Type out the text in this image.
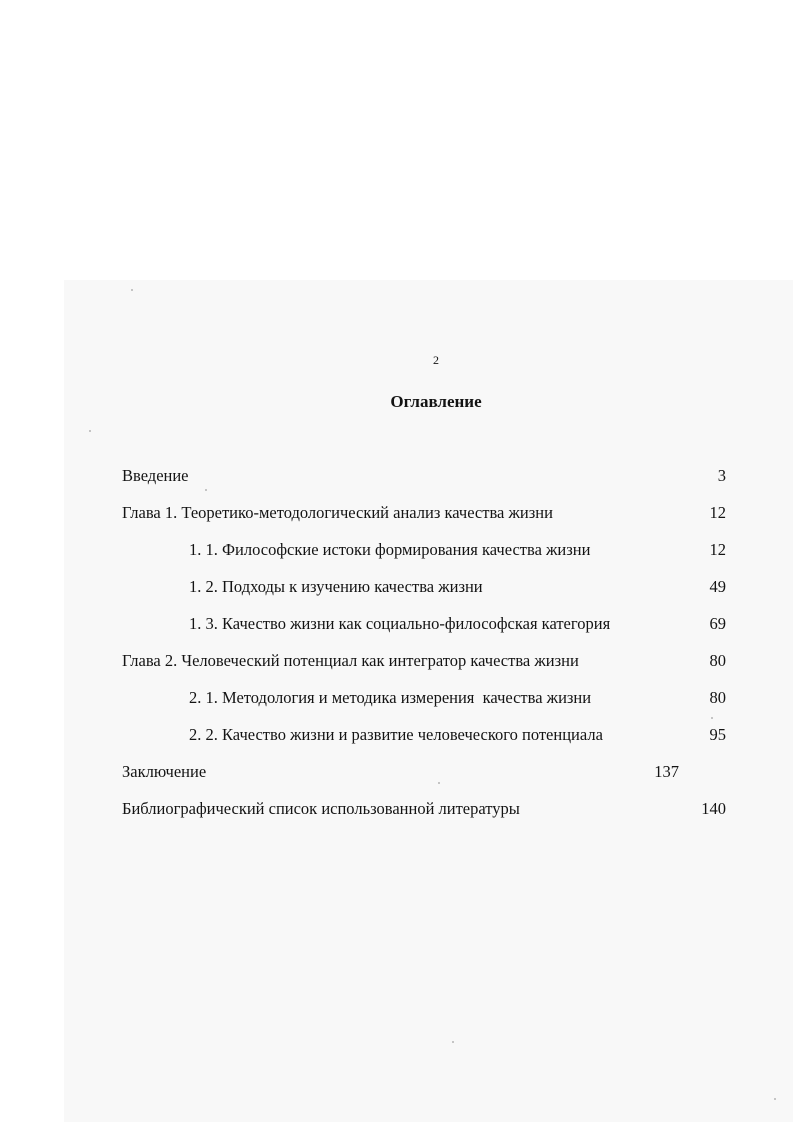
2
Оглавление
Введение	3
Глава 1. Теоретико-методологический анализ качества жизни	12
1. 1. Философские истоки формирования качества жизни	12
1. 2. Подходы к изучению качества жизни	49
1. 3. Качество жизни как социально-философская категория	69
Глава 2. Человеческий потенциал как интегратор качества жизни	80
2. 1. Методология и методика измерения  качества жизни	80
2. 2. Качество жизни и развитие человеческого потенциала	95
Заключение	137
Библиографический список использованной литературы	140
